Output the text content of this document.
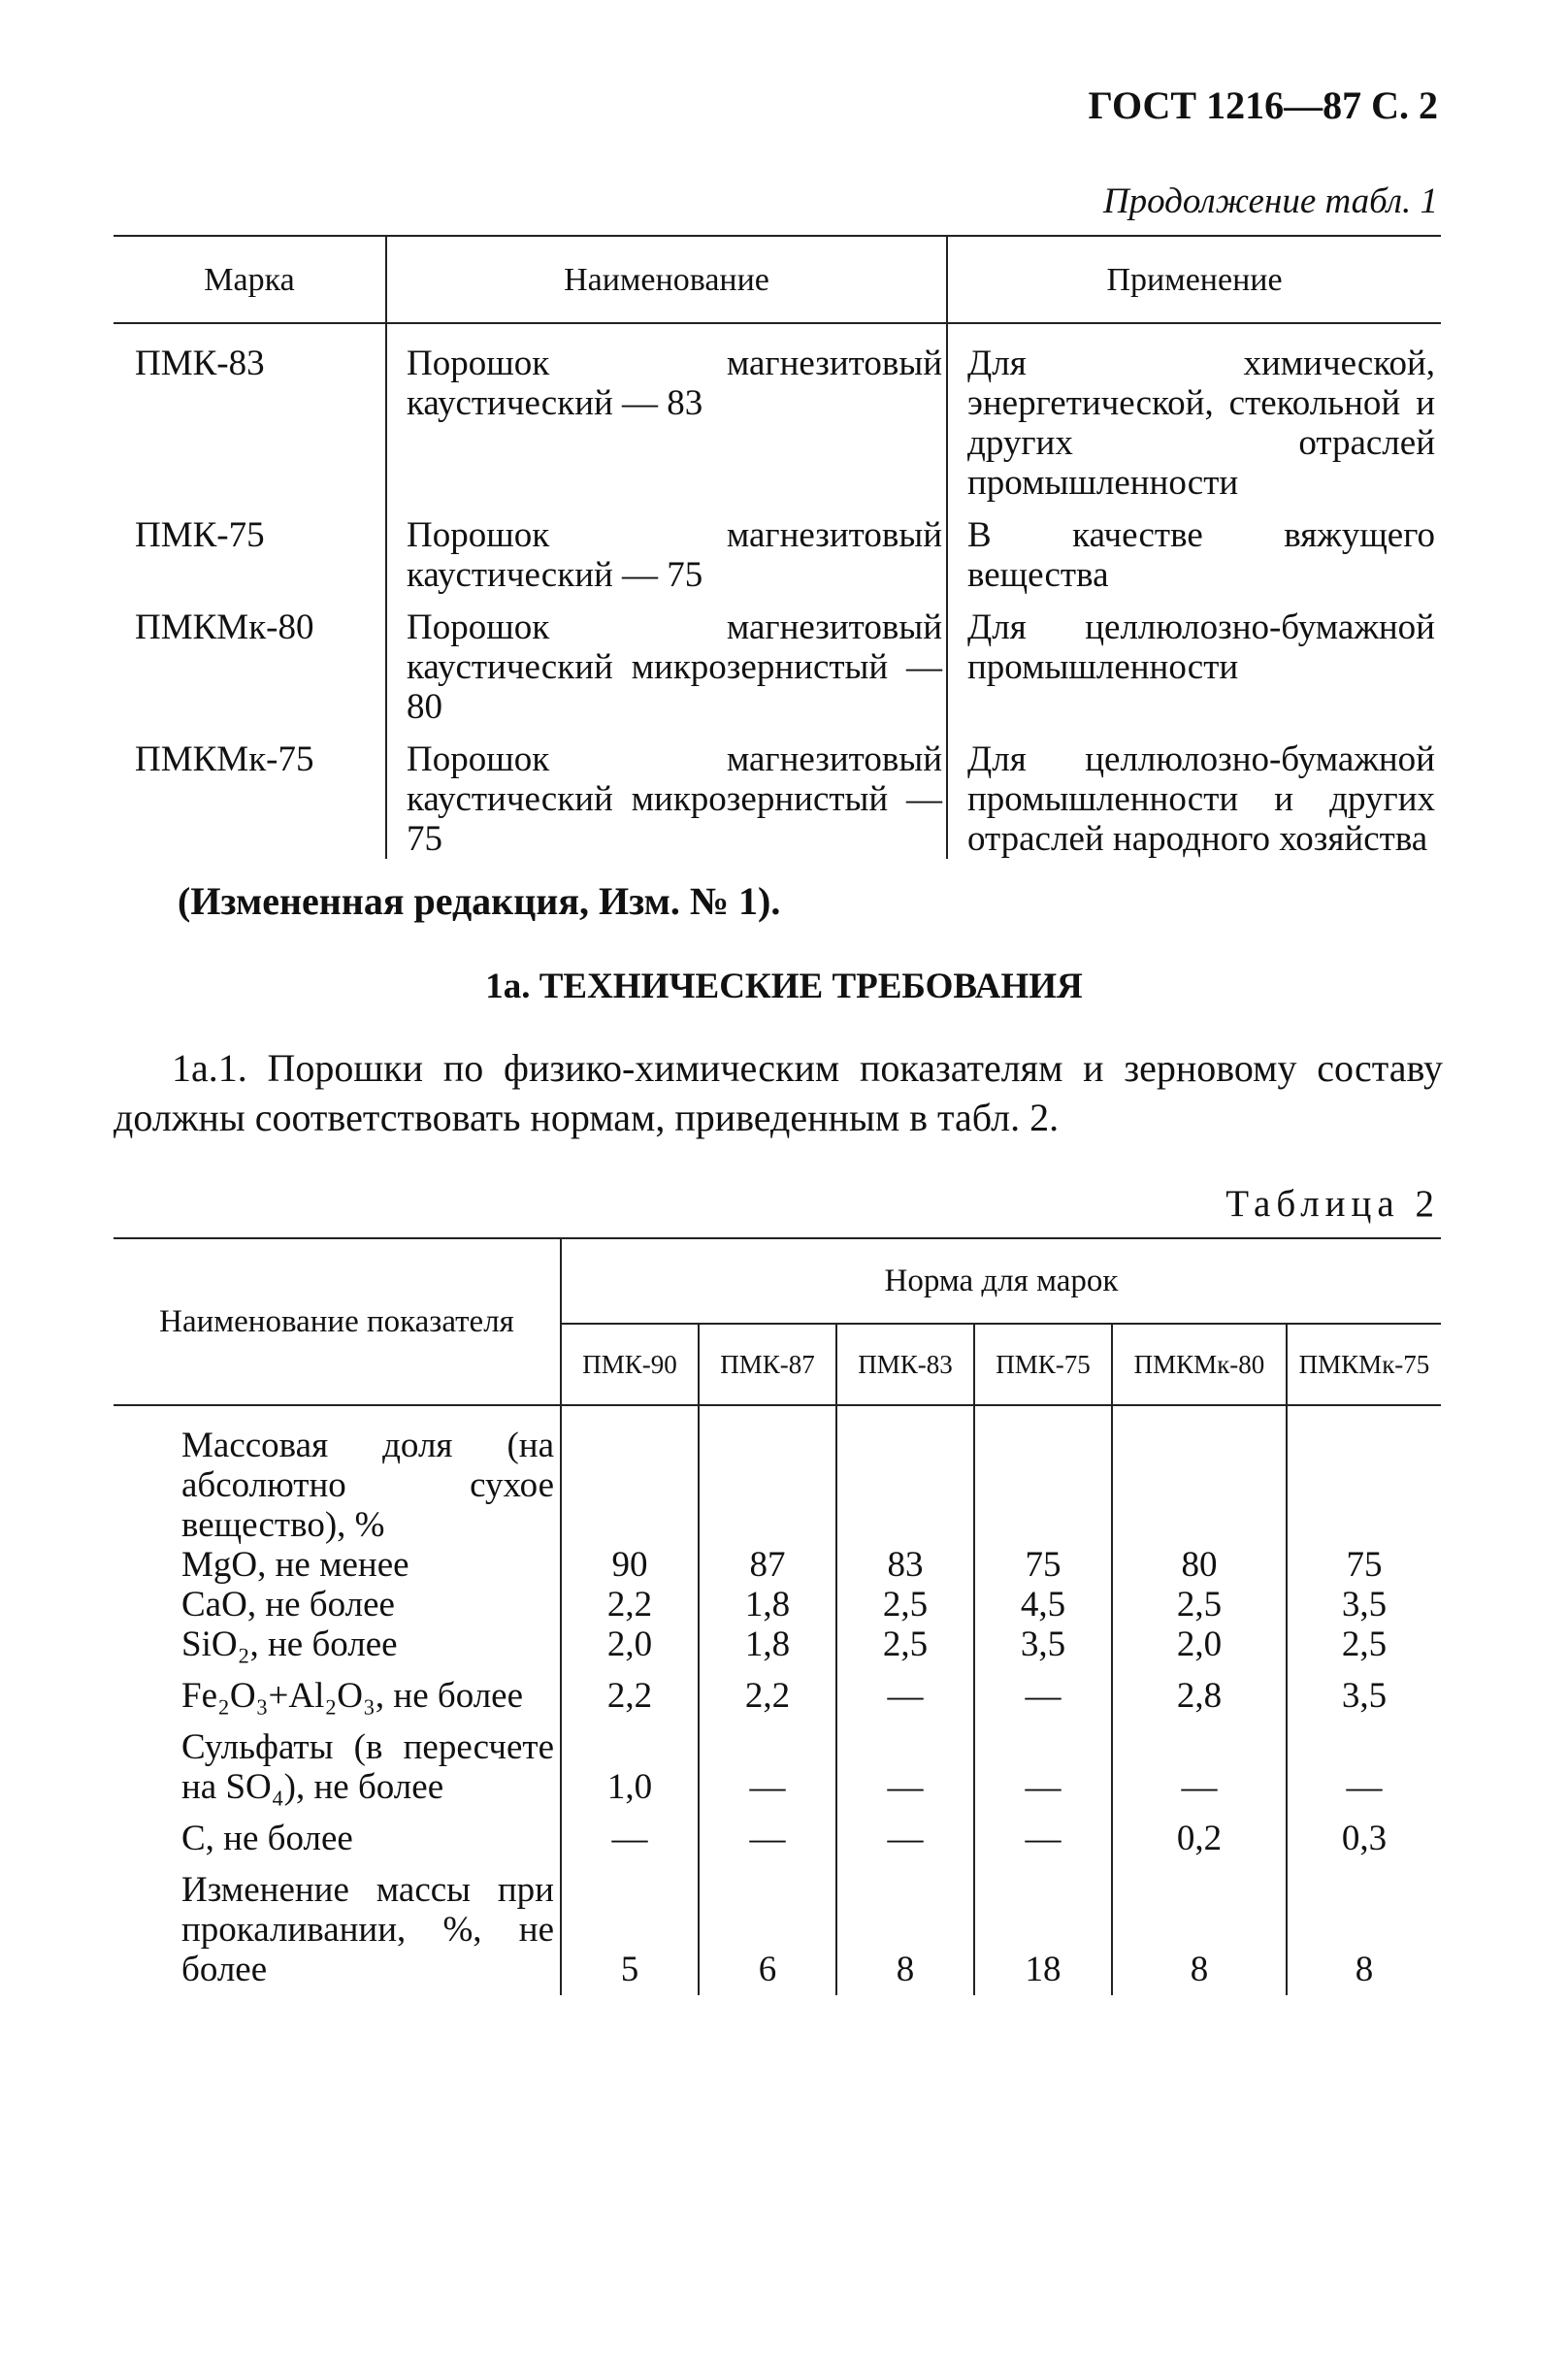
ГОСТ 1216—87 С. 2
Продолжение табл. 1
Марка	Наименование	Применение
ПМК-83	Порошок магнезитовый каустический — 83	Для химической, энергетической, стекольной и других отраслей промышленности
ПМК-75	Порошок магнезитовый каустический — 75	В качестве вяжущего вещества
ПМКМк-80	Порошок магнезитовый каустический микрозернистый — 80	Для целлюлозно-бумажной промышленности
ПМКМк-75	Порошок магнезитовый каустический микрозернистый — 75	Для целлюлозно-бумажной промышленности и других отраслей народного хозяйства
(Измененная редакция, Изм. № 1).
1а. ТЕХНИЧЕСКИЕ ТРЕБОВАНИЯ
1а.1. Порошки по физико-химическим показателям и зерновому составу должны соответствовать нормам, приведенным в табл. 2.
Таблица 2
Наименование показателя	Норма для марок					
	ПМК-90	ПМК-87	ПМК-83	ПМК-75	ПМКМк-80	ПМКМк-75

Массовая доля (на абсолютно сухое вещество), %
MgO, не менее	90	87	83	75	80	75
CaO, не более	2,2	1,8	2,5	4,5	2,5	3,5
SiO₂, не более	2,0	1,8	2,5	3,5	2,0	2,5
Fe₂O₃+Al₂O₃, не более	2,2	2,2	—	—	2,8	3,5
Сульфаты (в пересчете на SO₄), не более	1,0	—	—	—	—	—
С, не более	—	—	—	—	0,2	0,3
Изменение массы при прокаливании, %, не более	5	6	8	18	8	8
